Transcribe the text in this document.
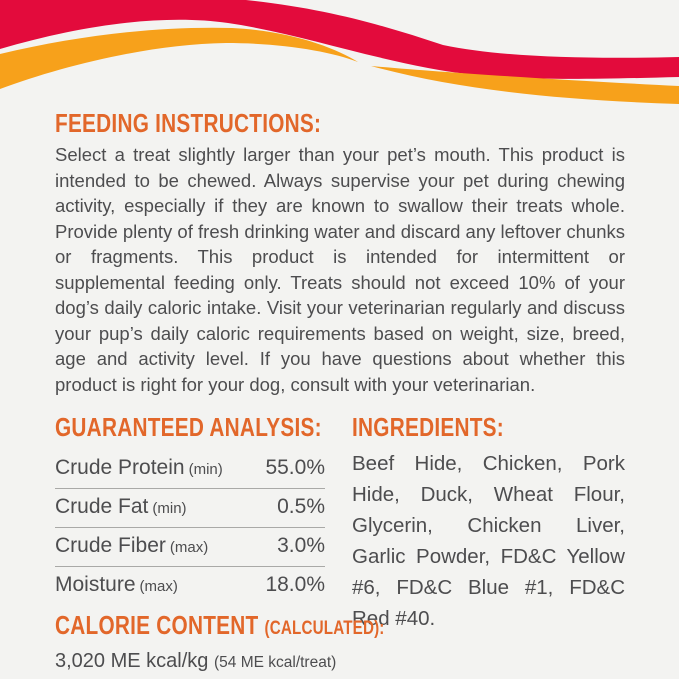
FEEDING INSTRUCTIONS:

Select a treat slightly larger than your pet’s mouth. This product is intended to be chewed. Always supervise your pet during chewing activity, especially if they are known to swallow their treats whole. Provide plenty of fresh drinking water and discard any leftover chunks or fragments. This product is intended for intermittent or supplemental feeding only. Treats should not exceed 10% of your dog’s daily caloric intake. Visit your veterinarian regularly and discuss your pup’s daily caloric requirements based on weight, size, breed, age and activity level. If you have questions about whether this product is right for your dog, consult with your veterinarian.

GUARANTEED ANALYSIS:
Crude Protein (min) 55.0%
Crude Fat (min)	0.5%
Crude Fiber (max)	3.0%
Moisture (max)	18.0%
CALORIE CONTENT (CALCULATED):
3,020 ME kcal/kg (54 ME kcal/treat)
INGREDIENTS:

Beef Hide, Chicken, Pork Hide, Duck, Wheat Flour, Glycerin, Chicken Liver, Garlic Powder, FD&C Yellow #6, FD&C Blue #1, FD&C Red #40.
